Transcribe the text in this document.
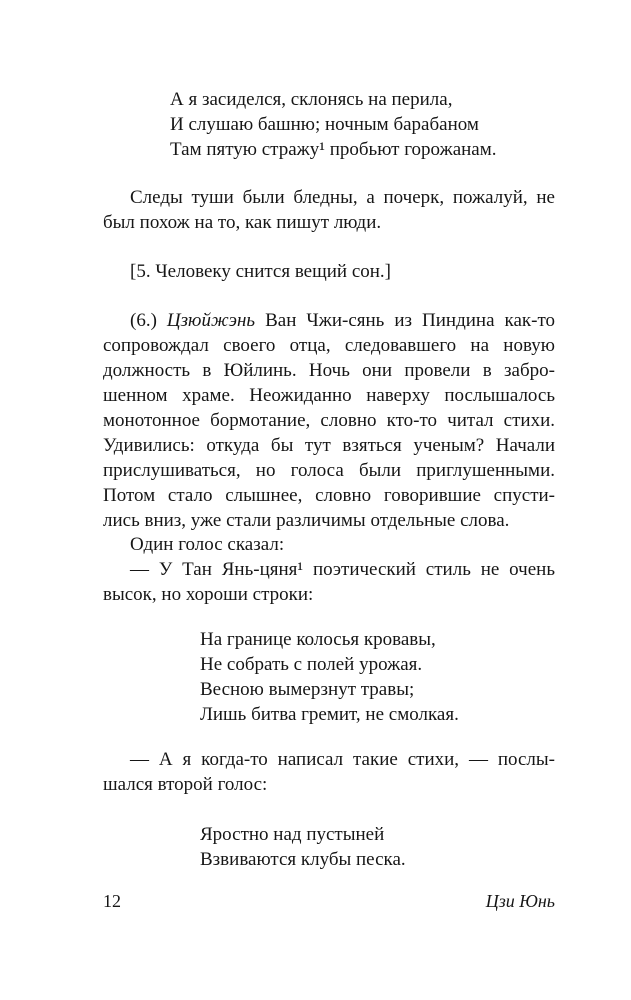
А я засиделся, склонясь на перила,
И слушаю башню; ночным барабаном
Там пятую стражу¹ пробьют горожанам.
Следы туши были бледны, а почерк, пожалуй, не
был похож на то, как пишут люди.
[5. Человеку снится вещий сон.]
(6.) Цзюйжэнь Ван Чжи-сянь из Пиндина как-то
сопровождал своего отца, следовавшего на новую
должность в Юйлинь. Ночь они провели в забро-
шенном храме. Неожиданно наверху послышалось
монотонное бормотание, словно кто-то читал стихи.
Удивились: откуда бы тут взяться ученым? Начали
прислушиваться, но голоса были приглушенными.
Потом стало слышнее, словно говорившие спусти-
лись вниз, уже стали различимы отдельные слова.
Один голос сказал:
— У Тан Янь-цяня¹ поэтический стиль не очень
высок, но хороши строки:
На границе колосья кровавы,
Не собрать с полей урожая.
Весною вымерзнут травы;
Лишь битва гремит, не смолкая.
— А я когда-то написал такие стихи, — послы-
шался второй голос:
Яростно над пустыней
Взвиваются клубы песка.
12	Цзи Юнь
